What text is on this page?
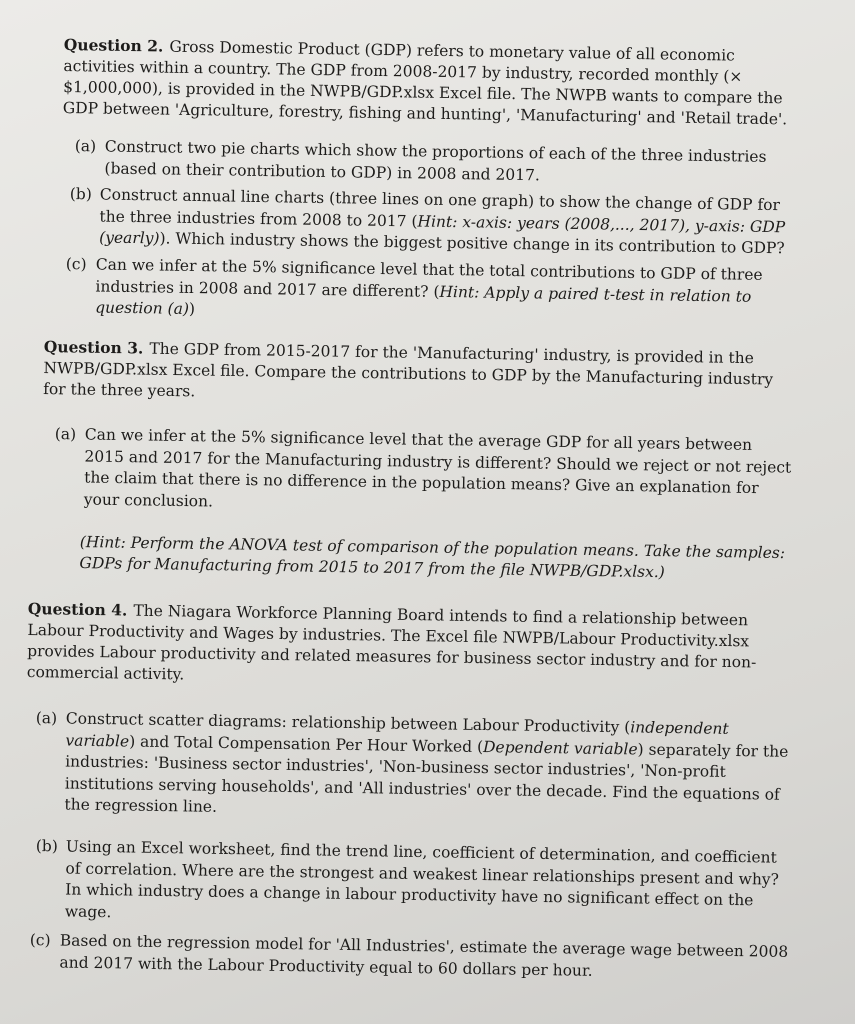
Question 2. Gross Domestic Product (GDP) refers to monetary value of all economic activities within a country. The GDP from 2008-2017 by industry, recorded monthly (× $1,000,000), is provided in the NWPB/GDP.xlsx Excel file. The NWPB wants to compare the GDP between 'Agriculture, forestry, fishing and hunting', 'Manufacturing' and 'Retail trade'.

(a) Construct two pie charts which show the proportions of each of the three industries (based on their contribution to GDP) in 2008 and 2017.
(b) Construct annual line charts (three lines on one graph) to show the change of GDP for the three industries from 2008 to 2017 (Hint: x-axis: years (2008,..., 2017), y-axis: GDP (yearly)). Which industry shows the biggest positive change in its contribution to GDP?
(c) Can we infer at the 5% significance level that the total contributions to GDP of three industries in 2008 and 2017 are different? (Hint: Apply a paired t-test in relation to question (a))

Question 3. The GDP from 2015-2017 for the 'Manufacturing' industry, is provided in the NWPB/GDP.xlsx Excel file. Compare the contributions to GDP by the Manufacturing industry for the three years.

(a) Can we infer at the 5% significance level that the average GDP for all years between 2015 and 2017 for the Manufacturing industry is different? Should we reject or not reject the claim that there is no difference in the population means? Give an explanation for your conclusion.

(Hint: Perform the ANOVA test of comparison of the population means. Take the samples: GDPs for Manufacturing from 2015 to 2017 from the file NWPB/GDP.xlsx.)

Question 4. The Niagara Workforce Planning Board intends to find a relationship between Labour Productivity and Wages by industries. The Excel file NWPB/Labour Productivity.xlsx provides Labour productivity and related measures for business sector industry and for non-commercial activity.

(a) Construct scatter diagrams: relationship between Labour Productivity (independent variable) and Total Compensation Per Hour Worked (Dependent variable) separately for the industries: 'Business sector industries', 'Non-business sector industries', 'Non-profit institutions serving households', and 'All industries' over the decade. Find the equations of the regression line.
(b) Using an Excel worksheet, find the trend line, coefficient of determination, and coefficient of correlation. Where are the strongest and weakest linear relationships present and why? In which industry does a change in labour productivity have no significant effect on the wage.
(c) Based on the regression model for 'All Industries', estimate the average wage between 2008 and 2017 with the Labour Productivity equal to 60 dollars per hour.
